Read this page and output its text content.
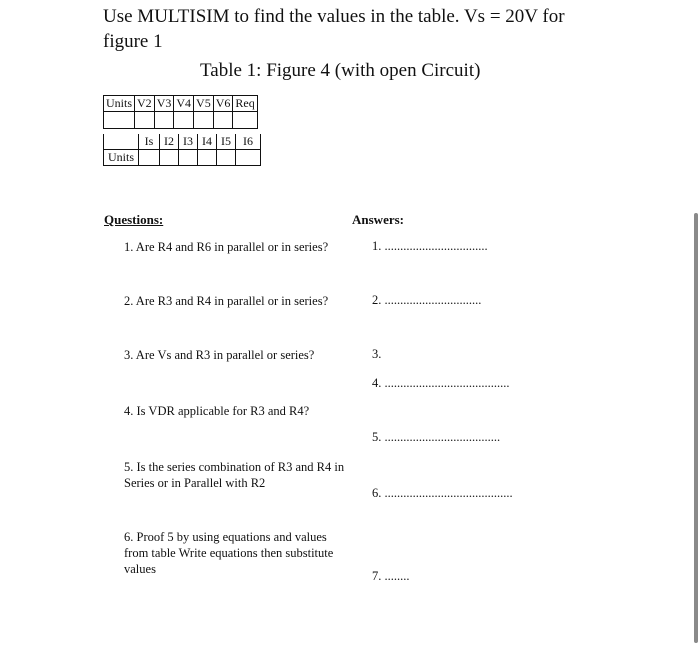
Use MULTISIM to find the values in the table. Vs = 20V for figure 1
Table 1: Figure 4 (with open Circuit)
Units	V2	V3	V4	V5	V6	Req

	Is	I2	I3	I4	I5	I6
Units						
Questions:	Answers:
1. Are R4 and R6 in parallel or in series?
2. Are R3 and R4 in parallel or in series?
3. Are Vs and R3 in parallel or series?
4. Is VDR applicable for R3 and R4?
5. Is the series combination of R3 and R4 in Series or in Parallel with R2
6. Proof 5 by using equations and values from table Write equations then substitute values
1. .................................
2. ...............................
3.
4. ........................................
5. .....................................
6. .........................................
7. ........
